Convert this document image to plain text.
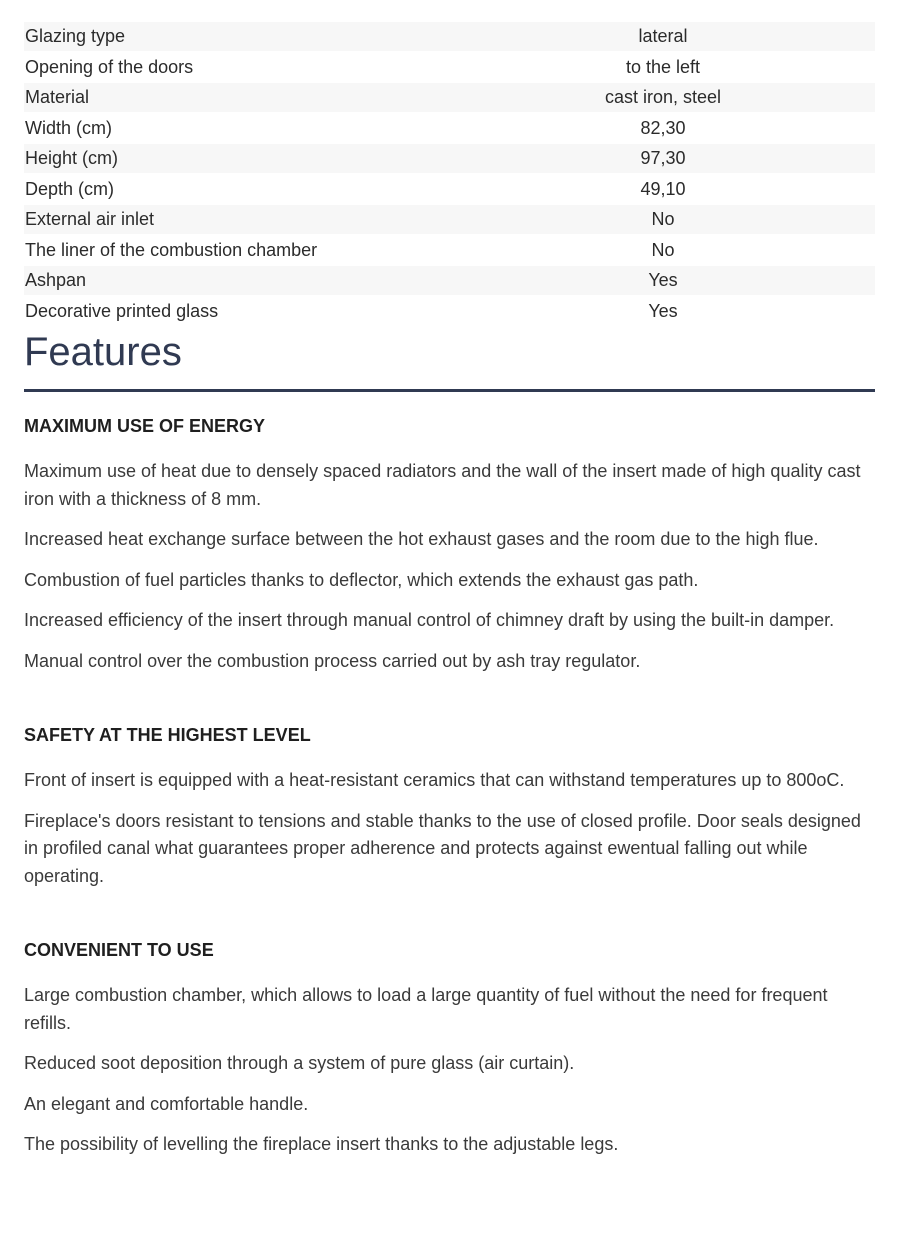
Glazing type	lateral
Opening of the doors	to the left
Material	cast iron, steel
Width (cm)	82,30
Height (cm)	97,30
Depth (cm)	49,10
External air inlet	No
The liner of the combustion chamber	No
Ashpan	Yes
Decorative printed glass	Yes
Features
MAXIMUM USE OF ENERGY

Maximum use of heat due to densely spaced radiators and the wall of the insert made of high quality cast iron with a thickness of 8 mm.

Increased heat exchange surface between the hot exhaust gases and the room due to the high flue.

Combustion of fuel particles thanks to deflector, which extends the exhaust gas path.

Increased efficiency of the insert through manual control of chimney draft by using the built-in damper.

Manual control over the combustion process carried out by ash tray regulator.

SAFETY AT THE HIGHEST LEVEL

Front of insert is equipped with a heat-resistant ceramics that can withstand temperatures up to 800oC.

Fireplace's doors resistant to tensions and stable thanks to the use of closed profile. Door seals designed in profiled canal what guarantees proper adherence and protects against ewentual falling out while operating.

CONVENIENT TO USE

Large combustion chamber, which allows to load a large quantity of fuel without the need for frequent refills.

Reduced soot deposition through a system of pure glass (air curtain).

An elegant and comfortable handle.

The possibility of levelling the fireplace insert thanks to the adjustable legs.
